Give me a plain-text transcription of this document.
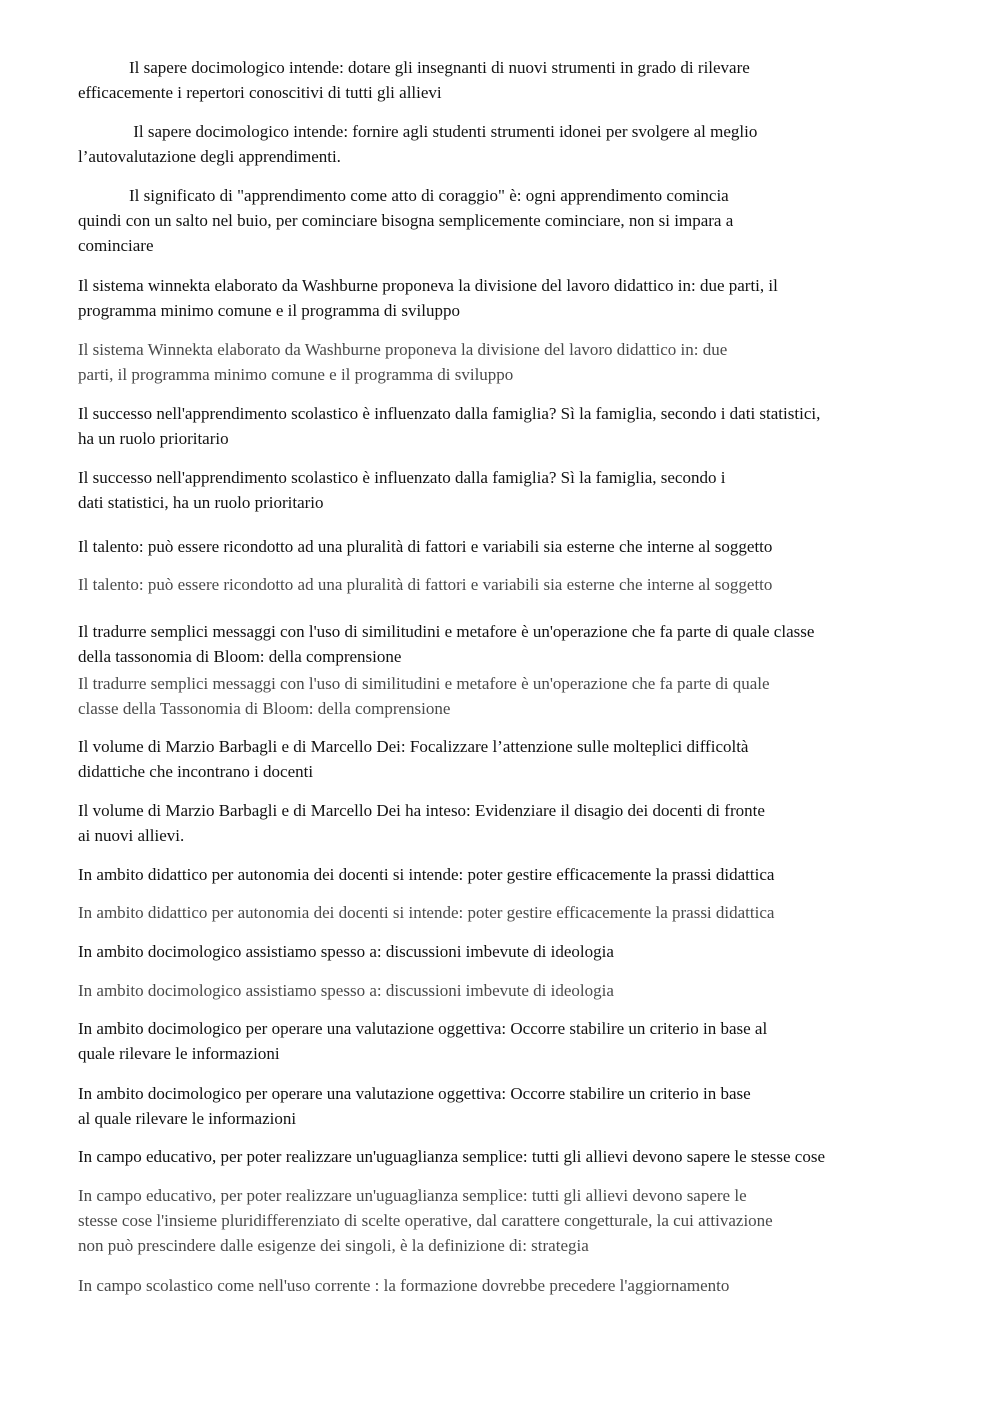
Il sapere docimologico intende: dotare gli insegnanti di nuovi strumenti in grado di rilevare
efficacemente i repertori conoscitivi di tutti gli allievi

Il sapere docimologico intende: fornire agli studenti strumenti idonei per svolgere al meglio
l’autovalutazione degli apprendimenti.

Il significato di "apprendimento come atto di coraggio" è: ogni apprendimento comincia
quindi con un salto nel buio, per cominciare bisogna semplicemente cominciare, non si impara a
cominciare

Il sistema winnekta elaborato da Washburne proponeva la divisione del lavoro didattico in: due parti, il
programma minimo comune e il programma di sviluppo

Il sistema Winnekta elaborato da Washburne proponeva la divisione del lavoro didattico in: due
parti, il programma minimo comune e il programma di sviluppo

Il successo nell'apprendimento scolastico è influenzato dalla famiglia? Sì la famiglia, secondo i dati statistici,
ha un ruolo prioritario

Il successo nell'apprendimento scolastico è influenzato dalla famiglia? Sì la famiglia, secondo i
dati statistici, ha un ruolo prioritario

Il talento: può essere ricondotto ad una pluralità di fattori e variabili sia esterne che interne al soggetto

Il talento: può essere ricondotto ad una pluralità di fattori e variabili sia esterne che interne al soggetto

Il tradurre semplici messaggi con l'uso di similitudini e metafore è un'operazione che fa parte di quale classe
della tassonomia di Bloom: della comprensione

Il tradurre semplici messaggi con l'uso di similitudini e metafore è un'operazione che fa parte di quale
classe della Tassonomia di Bloom: della comprensione

Il volume di Marzio Barbagli e di Marcello Dei: Focalizzare l’attenzione sulle molteplici difficoltà
didattiche che incontrano i docenti

Il volume di Marzio Barbagli e di Marcello Dei ha inteso: Evidenziare il disagio dei docenti di fronte
ai nuovi allievi.

In ambito didattico per autonomia dei docenti si intende: poter gestire efficacemente la prassi didattica

In ambito didattico per autonomia dei docenti si intende: poter gestire efficacemente la prassi didattica

In ambito docimologico assistiamo spesso a: discussioni imbevute di ideologia

In ambito docimologico assistiamo spesso a: discussioni imbevute di ideologia

In ambito docimologico per operare una valutazione oggettiva: Occorre stabilire un criterio in base al
quale rilevare le informazioni

In ambito docimologico per operare una valutazione oggettiva: Occorre stabilire un criterio in base
al quale rilevare le informazioni

In campo educativo, per poter realizzare un'uguaglianza semplice: tutti gli allievi devono sapere le stesse cose

In campo educativo, per poter realizzare un'uguaglianza semplice: tutti gli allievi devono sapere le
stesse cose l'insieme pluridifferenziato di scelte operative, dal carattere congetturale, la cui attivazione
non può prescindere dalle esigenze dei singoli, è la definizione di: strategia

In campo scolastico come nell'uso corrente : la formazione dovrebbe precedere l'aggiornamento
